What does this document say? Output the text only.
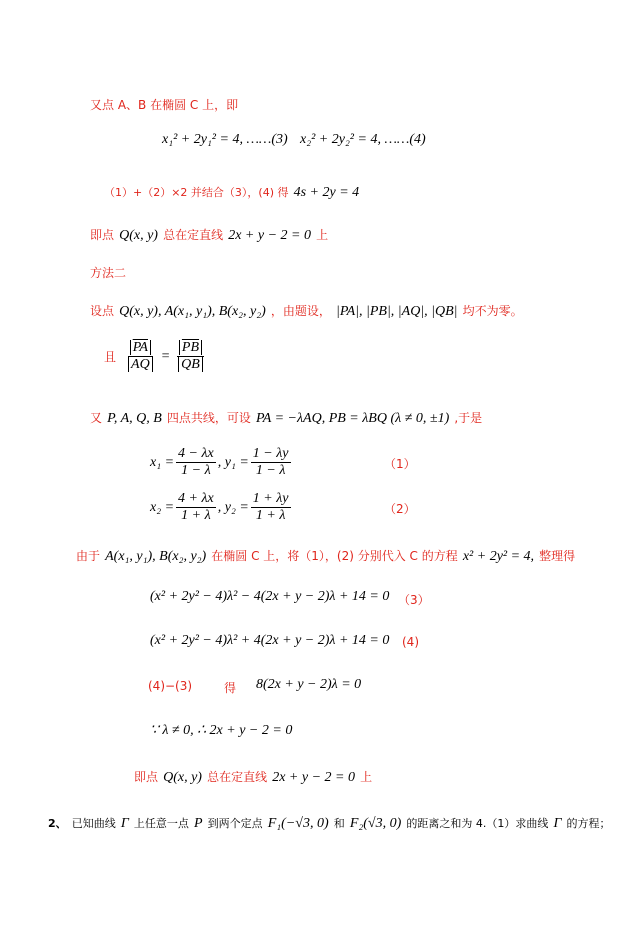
又点 A、B 在椭圆 C 上，即
x₁² + 2y₁² = 4, ……(3) x₂² + 2y₂² = 4, ……(4)
（1）+（2）×2 并结合（3），(4) 得 4s + 2y = 4
即点 Q(x, y) 总在定直线 2x + y − 2 = 0 上
方法二
设点 Q(x, y), A(x₁, y₁), B(x₂, y₂) ，由题设， |PA|, |PB|, |AQ|, |QB| 均不为零。
且 $\frac{\overline{PA}}{AQ} = \frac{\overline{PB}}{QB}$
又 P, A, Q, B 四点共线，可设 PA = −λAQ, PB = λBQ (λ ≠ 0, ±1) ,于是
$x_1 = \frac{4 - \lambda x}{1 - \lambda}$ , $y_1 = \frac{1 - \lambda y}{1 - \lambda}$	（1）
$x_2 = \frac{4 + \lambda x}{1 + \lambda}$ , $y_2 = \frac{1 + \lambda y}{1 + \lambda}$	（2）
由于 A(x₁, y₁), B(x₂, y₂) 在椭圆 C 上，将（1），(2) 分别代入 C 的方程 x² + 2y² = 4, 整理得
(x² + 2y² − 4)λ² − 4(2x + y − 2)λ + 14 = 0 （3）
(x² + 2y² − 4)λ² + 4(2x + y − 2)λ + 14 = 0 (4)
(4)−(3)	得 8(2x + y − 2)λ = 0
∵ λ ≠ 0, ∴ 2x + y − 2 = 0
即点 Q(x, y) 总在定直线 2x + y − 2 = 0 上
2、 已知曲线 Γ 上任意一点 P 到两个定点 F₁(−√3, 0) 和 F₂(√3, 0) 的距离之和为 4.（1）求曲线 Γ 的方程；
